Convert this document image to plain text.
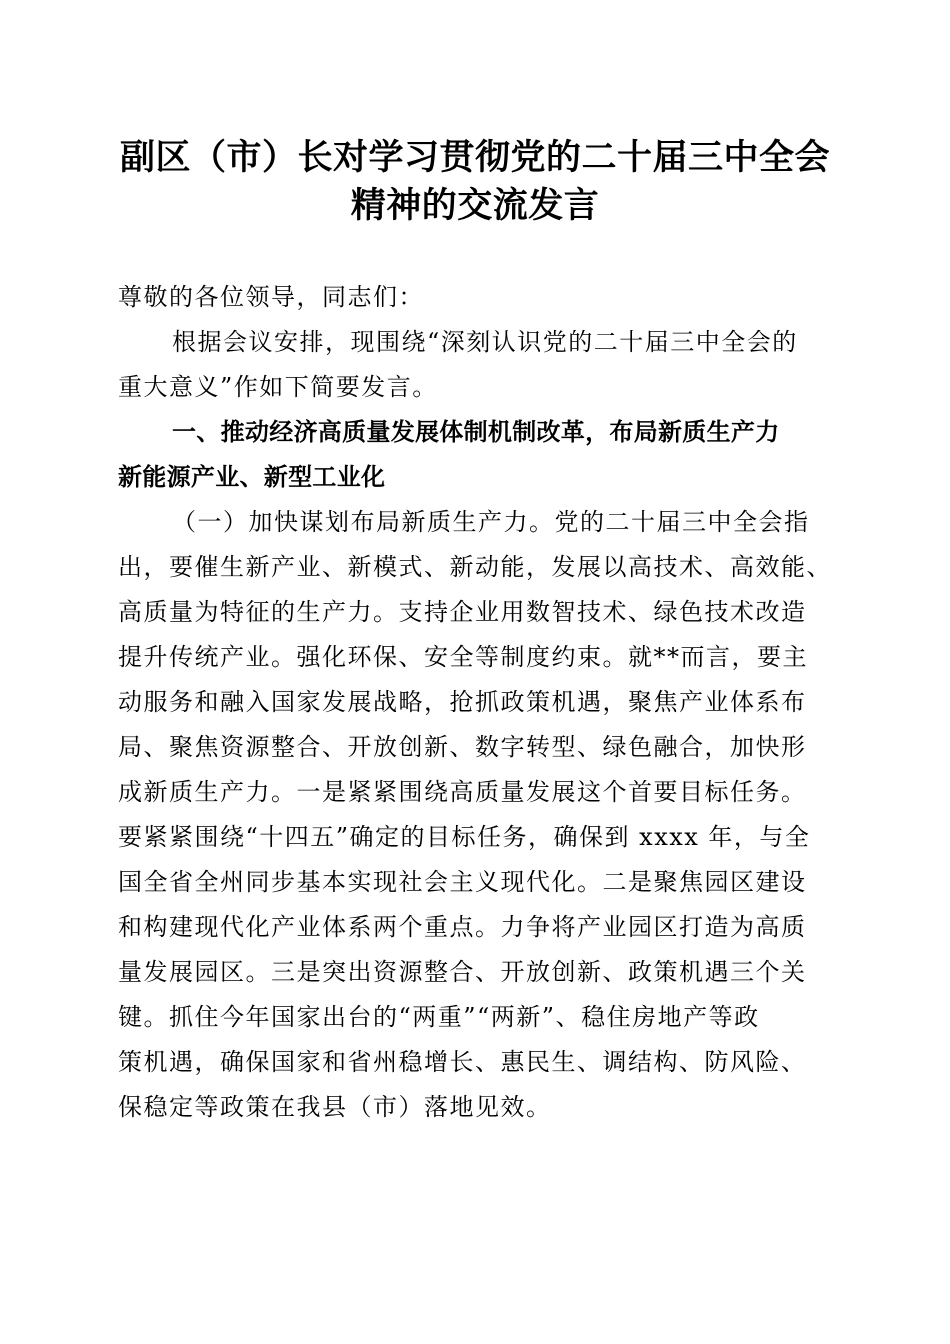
副区（市）长对学习贯彻党的二十届三中全会
精神的交流发言
尊敬的各位领导，同志们：
根据会议安排，现围绕“深刻认识党的二十届三中全会的
重大意义”作如下简要发言。
一、推动经济高质量发展体制机制改革，布局新质生产力
新能源产业、新型工业化
（一）加快谋划布局新质生产力。党的二十届三中全会指
出，要催生新产业、新模式、新动能，发展以高技术、高效能、
高质量为特征的生产力。支持企业用数智技术、绿色技术改造
提升传统产业。强化环保、安全等制度约束。就**而言，要主
动服务和融入国家发展战略，抢抓政策机遇，聚焦产业体系布
局、聚焦资源整合、开放创新、数字转型、绿色融合，加快形
成新质生产力。一是紧紧围绕高质量发展这个首要目标任务。
要紧紧围绕“十四五”确定的目标任务，确保到 xxxx 年，与全
国全省全州同步基本实现社会主义现代化。二是聚焦园区建设
和构建现代化产业体系两个重点。力争将产业园区打造为高质
量发展园区。三是突出资源整合、开放创新、政策机遇三个关
键。抓住今年国家出台的“两重”“两新”、稳住房地产等政
策机遇，确保国家和省州稳增长、惠民生、调结构、防风险、
保稳定等政策在我县（市）落地见效。
